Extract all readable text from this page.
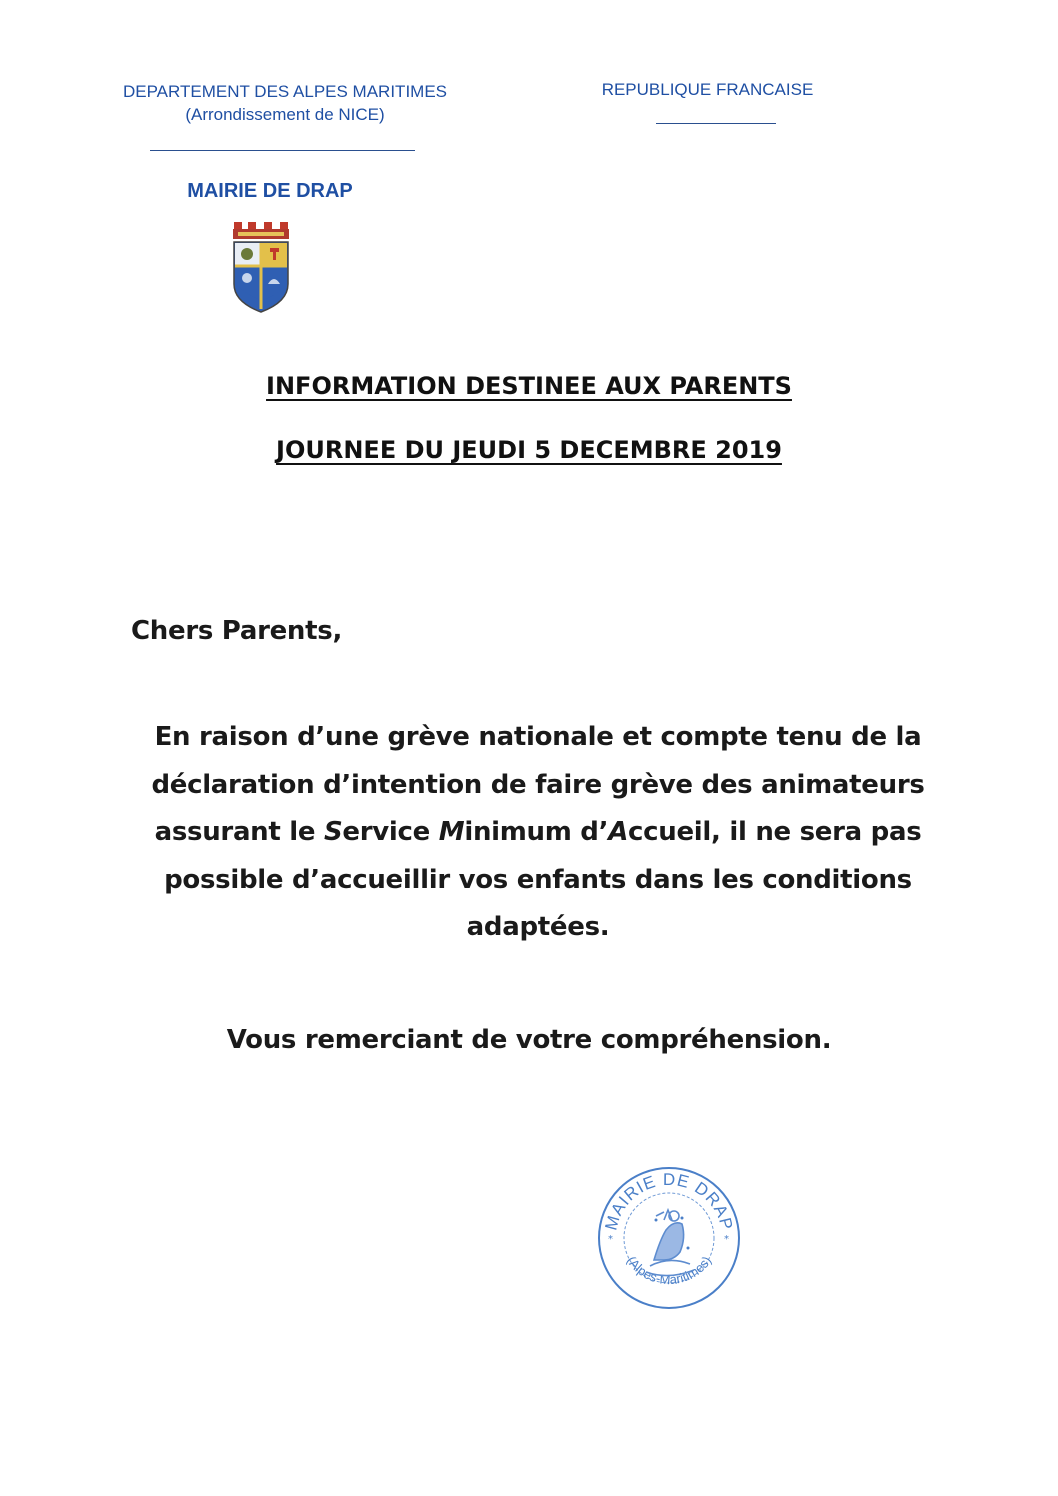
DEPARTEMENT DES ALPES MARITIMES
(Arrondissement de NICE)
REPUBLIQUE FRANCAISE
MAIRIE DE DRAP
INFORMATION DESTINEE AUX PARENTS
JOURNEE DU JEUDI 5 DECEMBRE 2019
Chers Parents,
En raison d’une grève nationale et compte tenu de la
déclaration d’intention de faire grève des animateurs
assurant le Service Minimum d’Accueil, il ne sera pas
possible d’accueillir vos enfants dans les conditions
adaptées.
Vous remerciant de votre compréhension.
MAIRIE DE DRAP
(Alpes-Maritimes)
*	*
